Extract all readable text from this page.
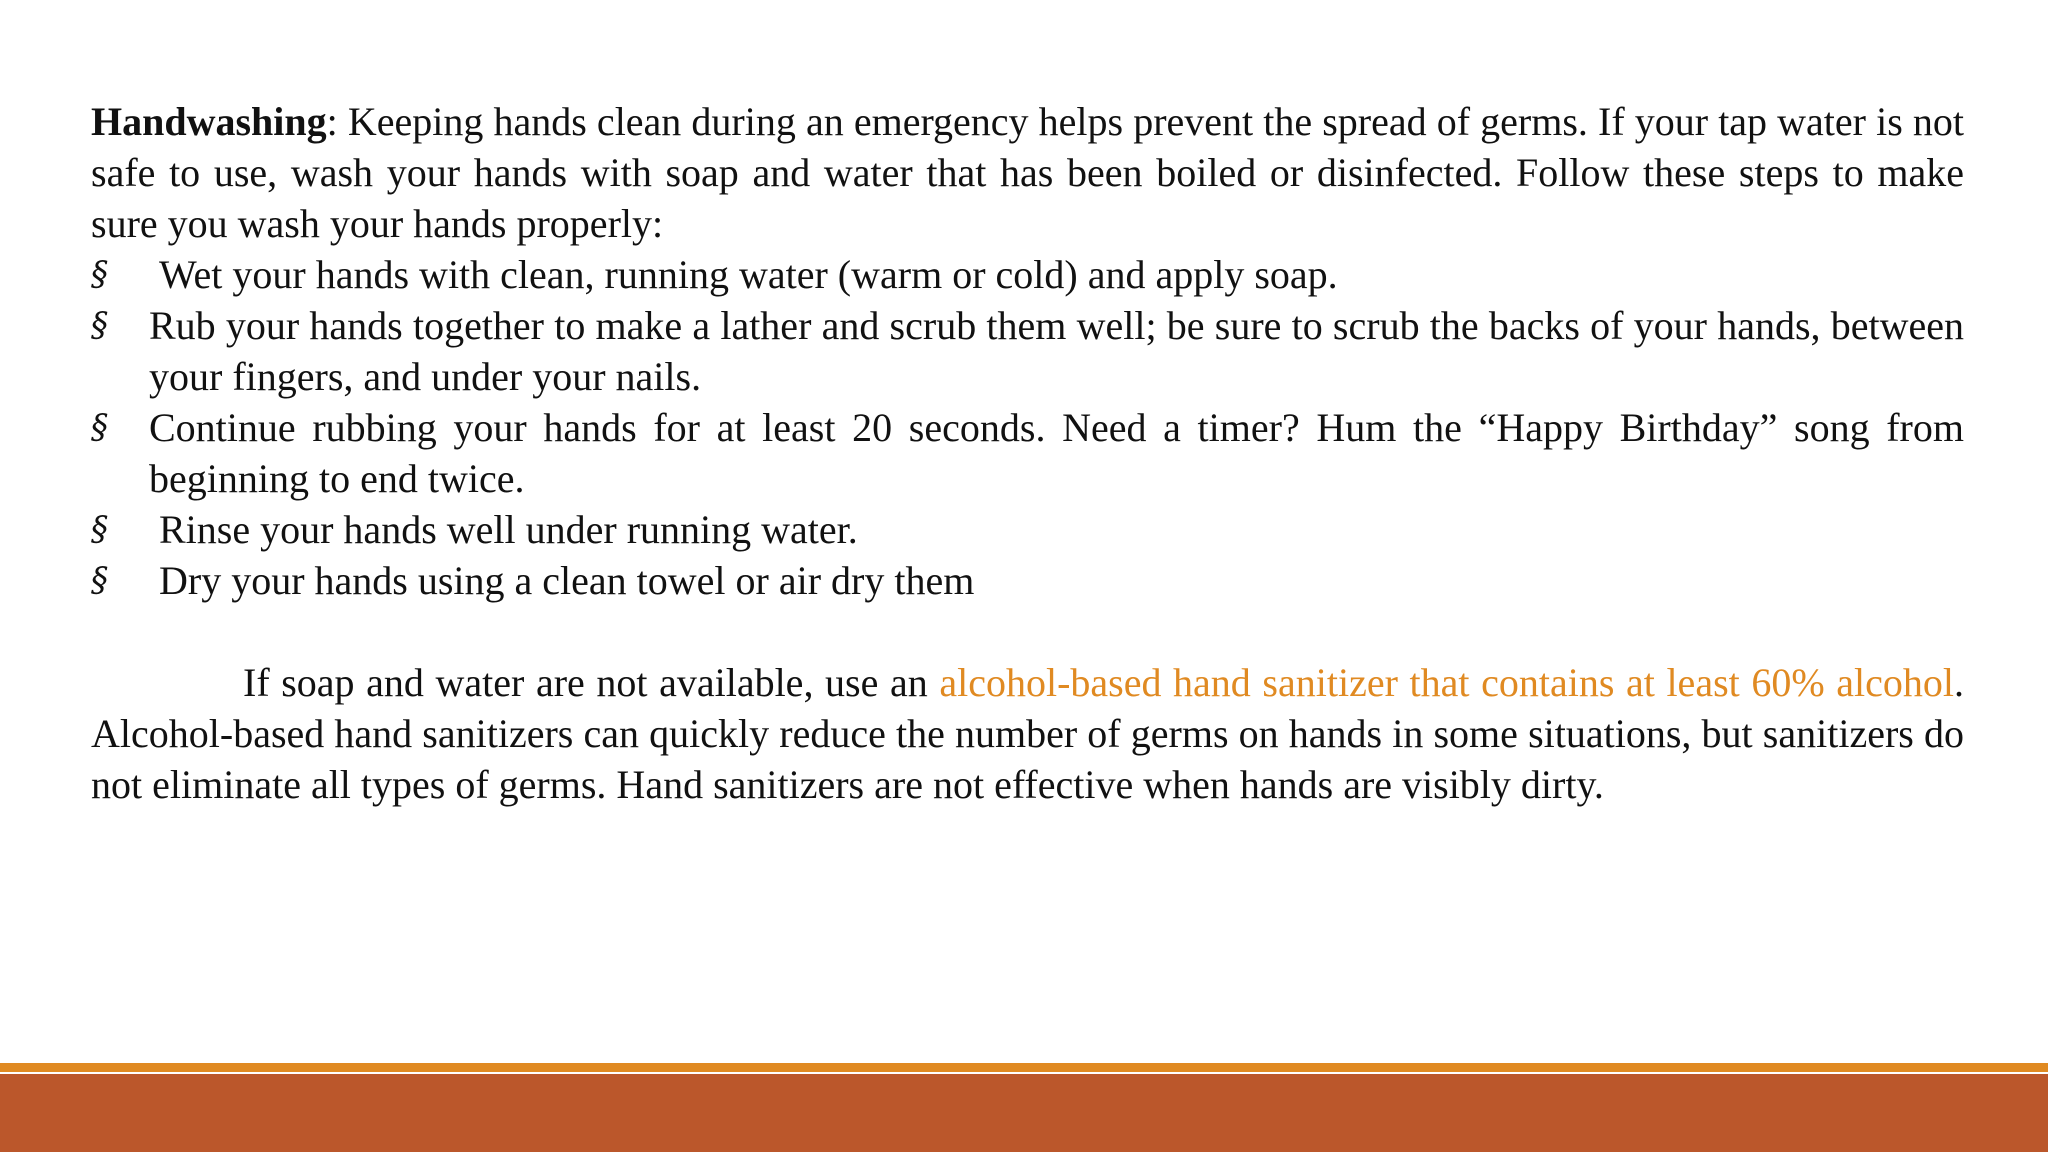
Handwashing: Keeping hands clean during an emergency helps prevent the spread of germs. If your tap water is not safe to use, wash your hands with soap and water that has been boiled or disinfected. Follow these steps to make sure you wash your hands properly:

§ Wet your hands with clean, running water (warm or cold) and apply soap.
§ Rub your hands together to make a lather and scrub them well; be sure to scrub the backs of your hands, between your fingers, and under your nails.
§ Continue rubbing your hands for at least 20 seconds. Need a timer? Hum the “Happy Birthday” song from beginning to end twice.
§ Rinse your hands well under running water.
§ Dry your hands using a clean towel or air dry them

If soap and water are not available, use an alcohol-based hand sanitizer that contains at least 60% alcohol. Alcohol-based hand sanitizers can quickly reduce the number of germs on hands in some situations, but sanitizers do not eliminate all types of germs. Hand sanitizers are not effective when hands are visibly dirty.
